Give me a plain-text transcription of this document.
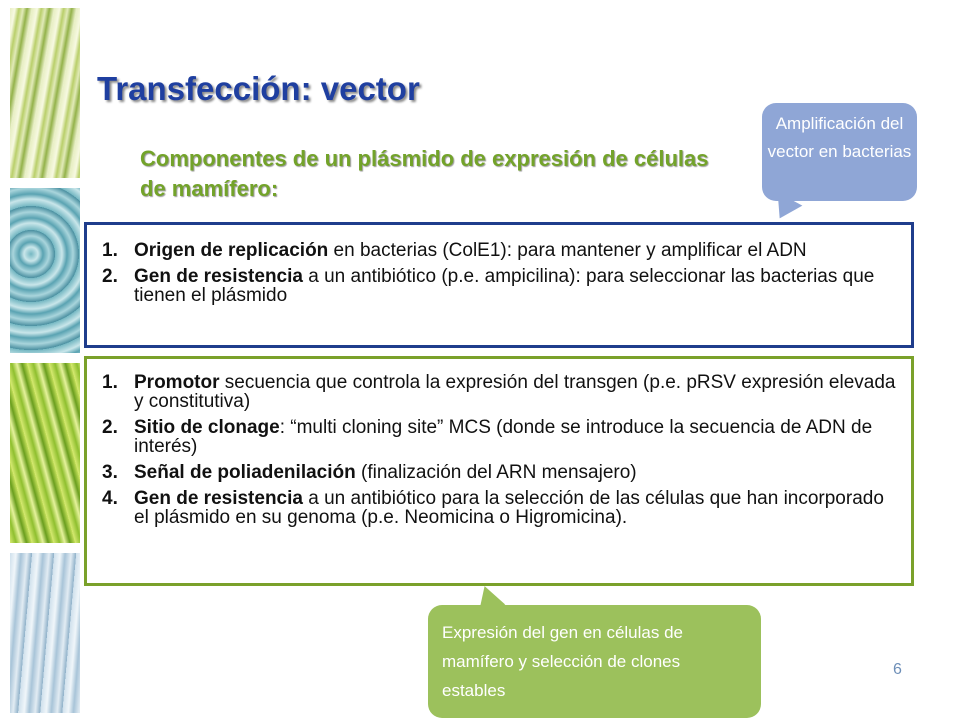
Transfección: vector
Componentes de un plásmido de expresión de células de mamífero:
1. Origen de replicación en bacterias (ColE1): para mantener y amplificar el ADN
2. Gen de resistencia a un antibiótico (p.e. ampicilina): para seleccionar las bacterias que tienen el plásmido
1. Promotor secuencia que controla la expresión del transgen (p.e. pRSV expresión elevada y constitutiva)
2. Sitio de clonage: “multi cloning site” MCS (donde se introduce la secuencia de ADN de interés)
3. Señal de poliadenilación (finalización del ARN mensajero)
4. Gen de resistencia a un antibiótico para la selección de las células que han incorporado el plásmido en su genoma (p.e. Neomicina o Higromicina).
Amplificación del vector en bacterias
Expresión del gen en células de mamífero y selección de clones estables
6
